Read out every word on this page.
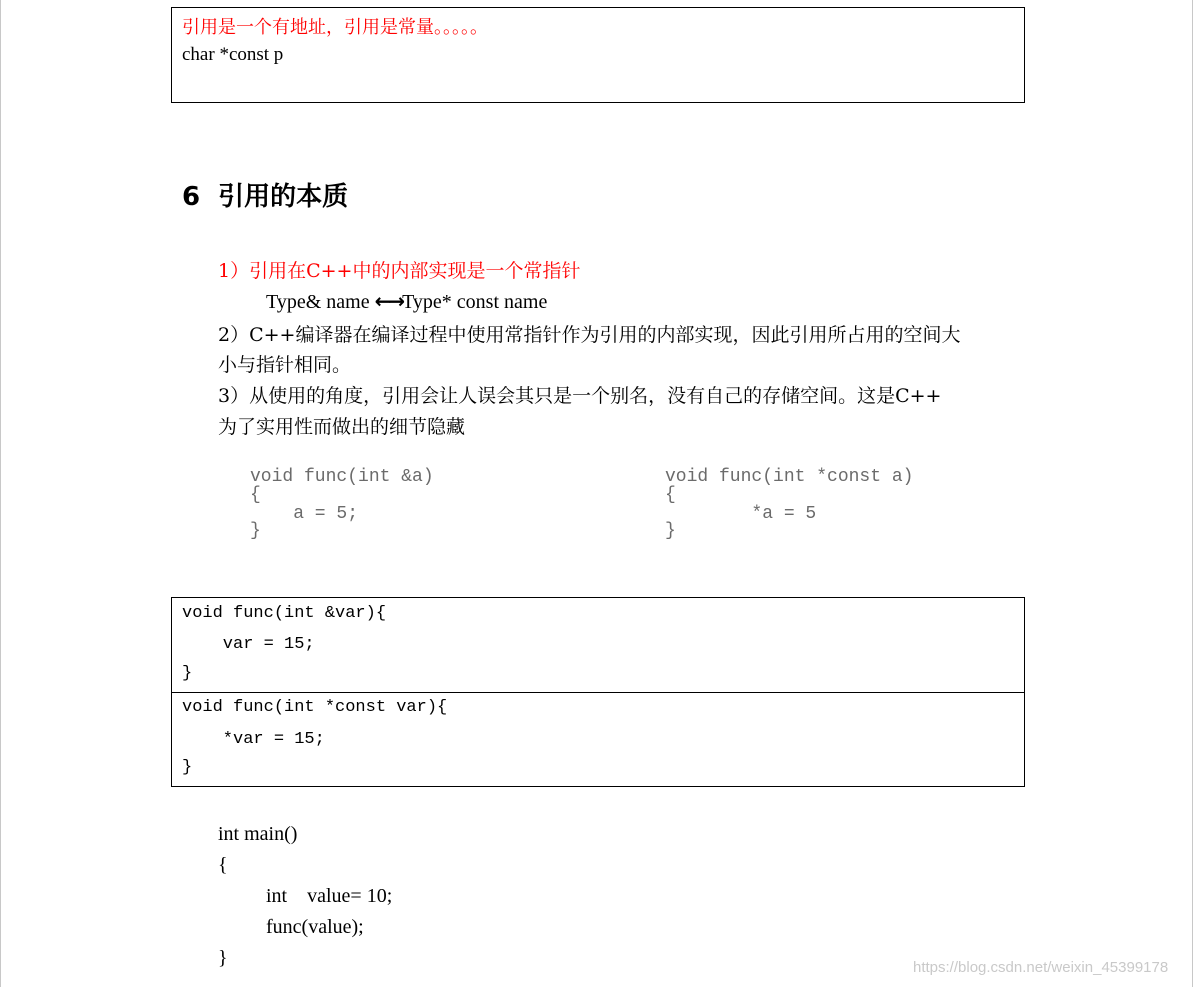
引用是一个有地址，引用是常量。。。。。
char *const p
6 引用的本质
1）引用在C++中的内部实现是一个常指针
Type& name ←→Type* const name
2）C++编译器在编译过程中使用常指针作为引用的内部实现，因此引用所占用的空间大
小与指针相同。
3）从使用的角度，引用会让人误会其只是一个别名，没有自己的存储空间。这是C++
为了实用性而做出的细节隐藏
void func(int &a)
{
a = 5;
}
void func(int *const a)
{
*a = 5
}
void func(int &var){
var = 15;
}
void func(int *const var){
*var = 15;
}
int main()
{
int    value= 10;
func(value);
}	https://blog.csdn.net/weixin_45399178
